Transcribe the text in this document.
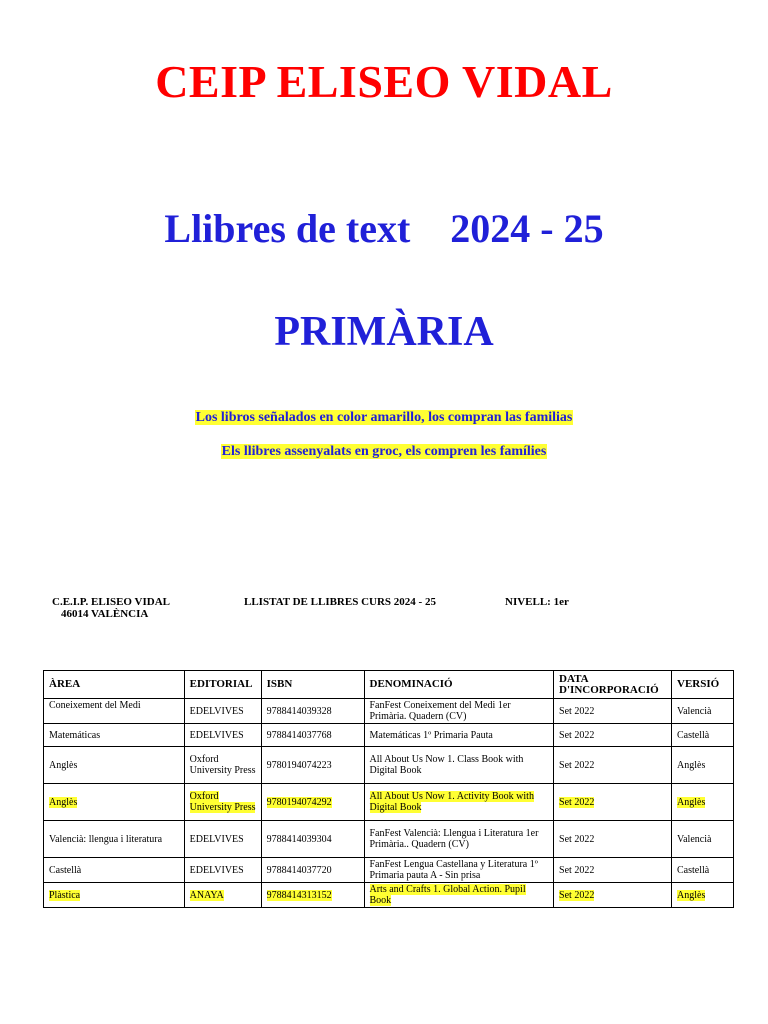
CEIP ELISEO VIDAL
Llibres de text    2024 - 25
PRIMÀRIA
Los libros señalados en color amarillo, los compran las familias
Els llibres assenyalats en groc, els compren les famílies
C.E.I.P. ELISEO VIDAL
46014 VALÈNCIA
LLISTAT DE LLIBRES CURS 2024 - 25	NIVELL: 1er
ÀREA	EDITORIAL	ISBN	DENOMINACIÓ	DATA D'INCORPORACIÓ	VERSIÓ
Coneixement del Medi	EDELVIVES	9788414039328	FanFest Coneixement del Medi 1er Primària. Quadern (CV)	Set 2022	Valencià
Matemáticas	EDELVIVES	9788414037768	Matemáticas 1º Primaria Pauta	Set 2022	Castellà
Anglès	Oxford University Press	9780194074223	All About Us Now 1. Class Book with Digital Book	Set 2022	Anglès
Anglès	Oxford University Press	9780194074292	All About Us Now 1. Activity Book with Digital Book	Set 2022	Anglès
Valencià: llengua i literatura	EDELVIVES	9788414039304	FanFest Valencià: Llengua i Literatura 1er Primària.. Quadern (CV)	Set 2022	Valencià
Castellà	EDELVIVES	9788414037720	FanFest Lengua Castellana y Literatura 1º Primaria pauta A - Sin prisa	Set 2022	Castellà
Plàstica	ANAYA	9788414313152	Arts and Crafts 1. Global Action. Pupil Book	Set 2022	Anglès
